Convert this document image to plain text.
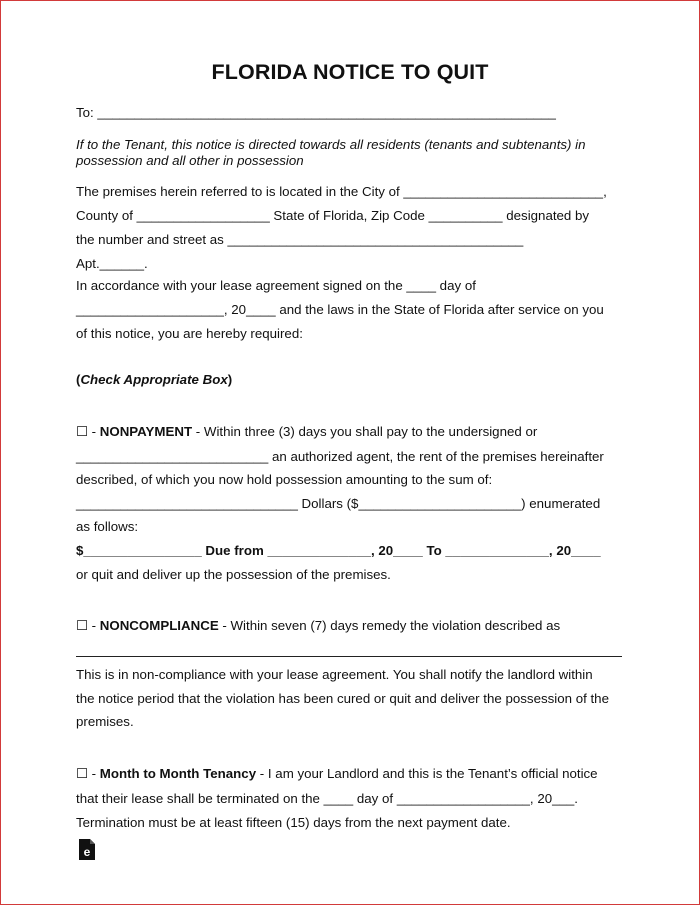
FLORIDA NOTICE TO QUIT
To: ______________________________________________________________
If to the Tenant, this notice is directed towards all residents (tenants and subtenants) in
possession and all other in possession
The premises herein referred to is located in the City of ___________________________,
County of __________________ State of Florida, Zip Code __________ designated by
the number and street as ________________________________________
Apt.______.
In accordance with your lease agreement signed on the ____ day of
____________________, 20____ and the laws in the State of Florida after service on you
of this notice, you are hereby required:
(Check Appropriate Box)
☐ - NONPAYMENT - Within three (3) days you shall pay to the undersigned or
__________________________ an authorized agent, the rent of the premises hereinafter
described, of which you now hold possession amounting to the sum of:
______________________________ Dollars ($______________________) enumerated
as follows:
$________________ Due from ______________, 20____ To ______________, 20____
or quit and deliver up the possession of the premises.
☐ - NONCOMPLIANCE - Within seven (7) days remedy the violation described as
This is in non-compliance with your lease agreement. You shall notify the landlord within
the notice period that the violation has been cured or quit and deliver the possession of the
premises.
☐ - Month to Month Tenancy - I am your Landlord and this is the Tenant’s official notice
that their lease shall be terminated on the ____ day of __________________, 20___.
Termination must be at least fifteen (15) days from the next payment date.
e
